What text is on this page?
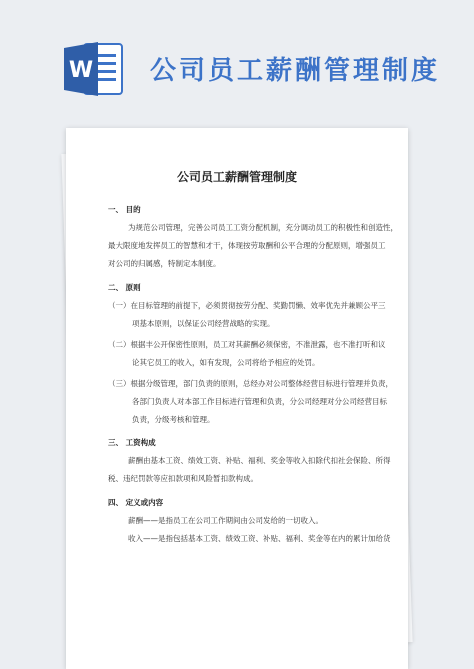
W 公司员工薪酬管理制度
公司员工薪酬管理制度
一、 目的
为规范公司管理，完善公司员工工资分配机制，充分调动员工的积极性和创造性，
最大限度地发挥员工的智慧和才干，体现按劳取酬和公平合理的分配原则，增强员工
对公司的归属感，特制定本制度。
二、 原则
（一）在目标管理的前提下，必须贯彻按劳分配、奖勤罚懒、效率优先并兼顾公平三
项基本原则，以保证公司经营战略的实现。
（二）根据丰公开保密性原则，员工对其薪酬必须保密，不准泄露，也不准打听和议
论其它员工的收入，如有发现，公司将给予相应的处罚。
（三）根据分级管理，部门负责的原则，总经办对公司整体经营目标进行管理并负责，
各部门负责人对本部工作目标进行管理和负责，分公司经理对分公司经营目标
负责，分级考核和管理。
三、 工资构成
薪酬由基本工资、绩效工资、补贴、福利、奖金等收入扣除代扣社会保险、所得
税、违纪罚款等应扣款项和风险暂扣款构成。
四、 定义或内容
薪酬——是指员工在公司工作期间由公司发给的一切收入。
收入——是指包括基本工资、绩效工资、补贴、福利、奖金等在内的累计加给货
